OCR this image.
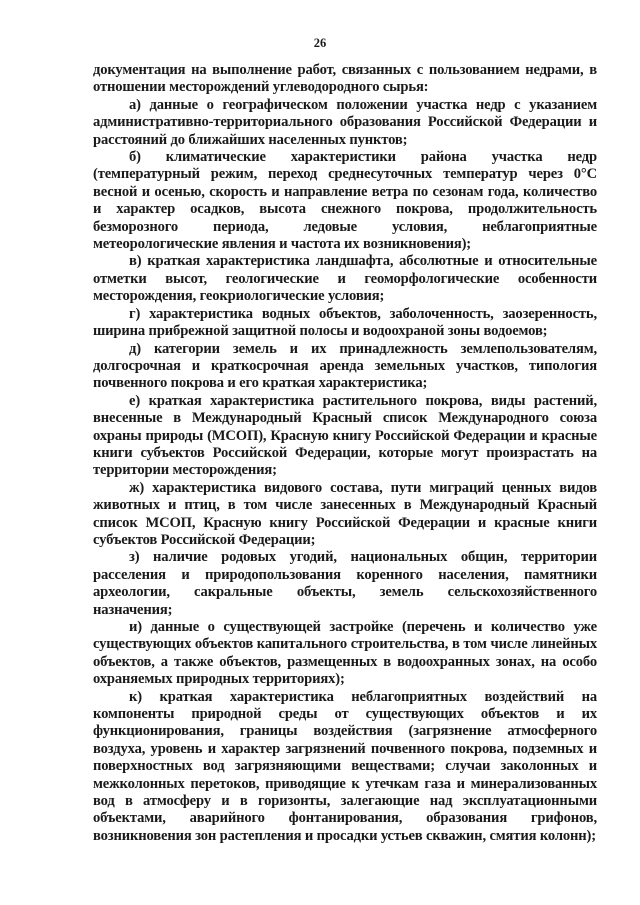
26

документация на выполнение работ, связанных с пользованием недрами, в отношении месторождений углеводородного сырья:

а) данные о географическом положении участка недр с указанием административно-территориального образования Российской Федерации и расстояний до ближайших населенных пунктов;

б) климатические характеристики района участка недр (температурный режим, переход среднесуточных температур через 0°С весной и осенью, скорость и направление ветра по сезонам года, количество и характер осадков, высота снежного покрова, продолжительность безморозного периода, ледовые условия, неблагоприятные метеорологические явления и частота их возникновения);

в) краткая характеристика ландшафта, абсолютные и относительные отметки высот, геологические и геоморфологические особенности месторождения, геокриологические условия;

г) характеристика водных объектов, заболоченность, заозеренность, ширина прибрежной защитной полосы и водоохраной зоны водоемов;

д) категории земель и их принадлежность землепользователям, долгосрочная и краткосрочная аренда земельных участков, типология почвенного покрова и его краткая характеристика;

е) краткая характеристика растительного покрова, виды растений, внесенные в Международный Красный список Международного союза охраны природы (МСОП), Красную книгу Российской Федерации и красные книги субъектов Российской Федерации, которые могут произрастать на территории месторождения;

ж) характеристика видового состава, пути миграций ценных видов животных и птиц, в том числе занесенных в Международный Красный список МСОП, Красную книгу Российской Федерации и красные книги субъектов Российской Федерации;

з) наличие родовых угодий, национальных общин, территории расселения и природопользования коренного населения, памятники археологии, сакральные объекты, земель сельскохозяйственного назначения;

и) данные о существующей застройке (перечень и количество уже существующих объектов капитального строительства, в том числе линейных объектов, а также объектов, размещенных в водоохранных зонах, на особо охраняемых природных территориях);

к) краткая характеристика неблагоприятных воздействий на компоненты природной среды от существующих объектов и их функционирования, границы воздействия (загрязнение атмосферного воздуха, уровень и характер загрязнений почвенного покрова, подземных и поверхностных вод загрязняющими веществами; случаи заколонных и межколонных перетоков, приводящие к утечкам газа и минерализованных вод в атмосферу и в горизонты, залегающие над эксплуатационными объектами, аварийного фонтанирования, образования грифонов, возникновения зон растепления и просадки устьев скважин, смятия колонн);
